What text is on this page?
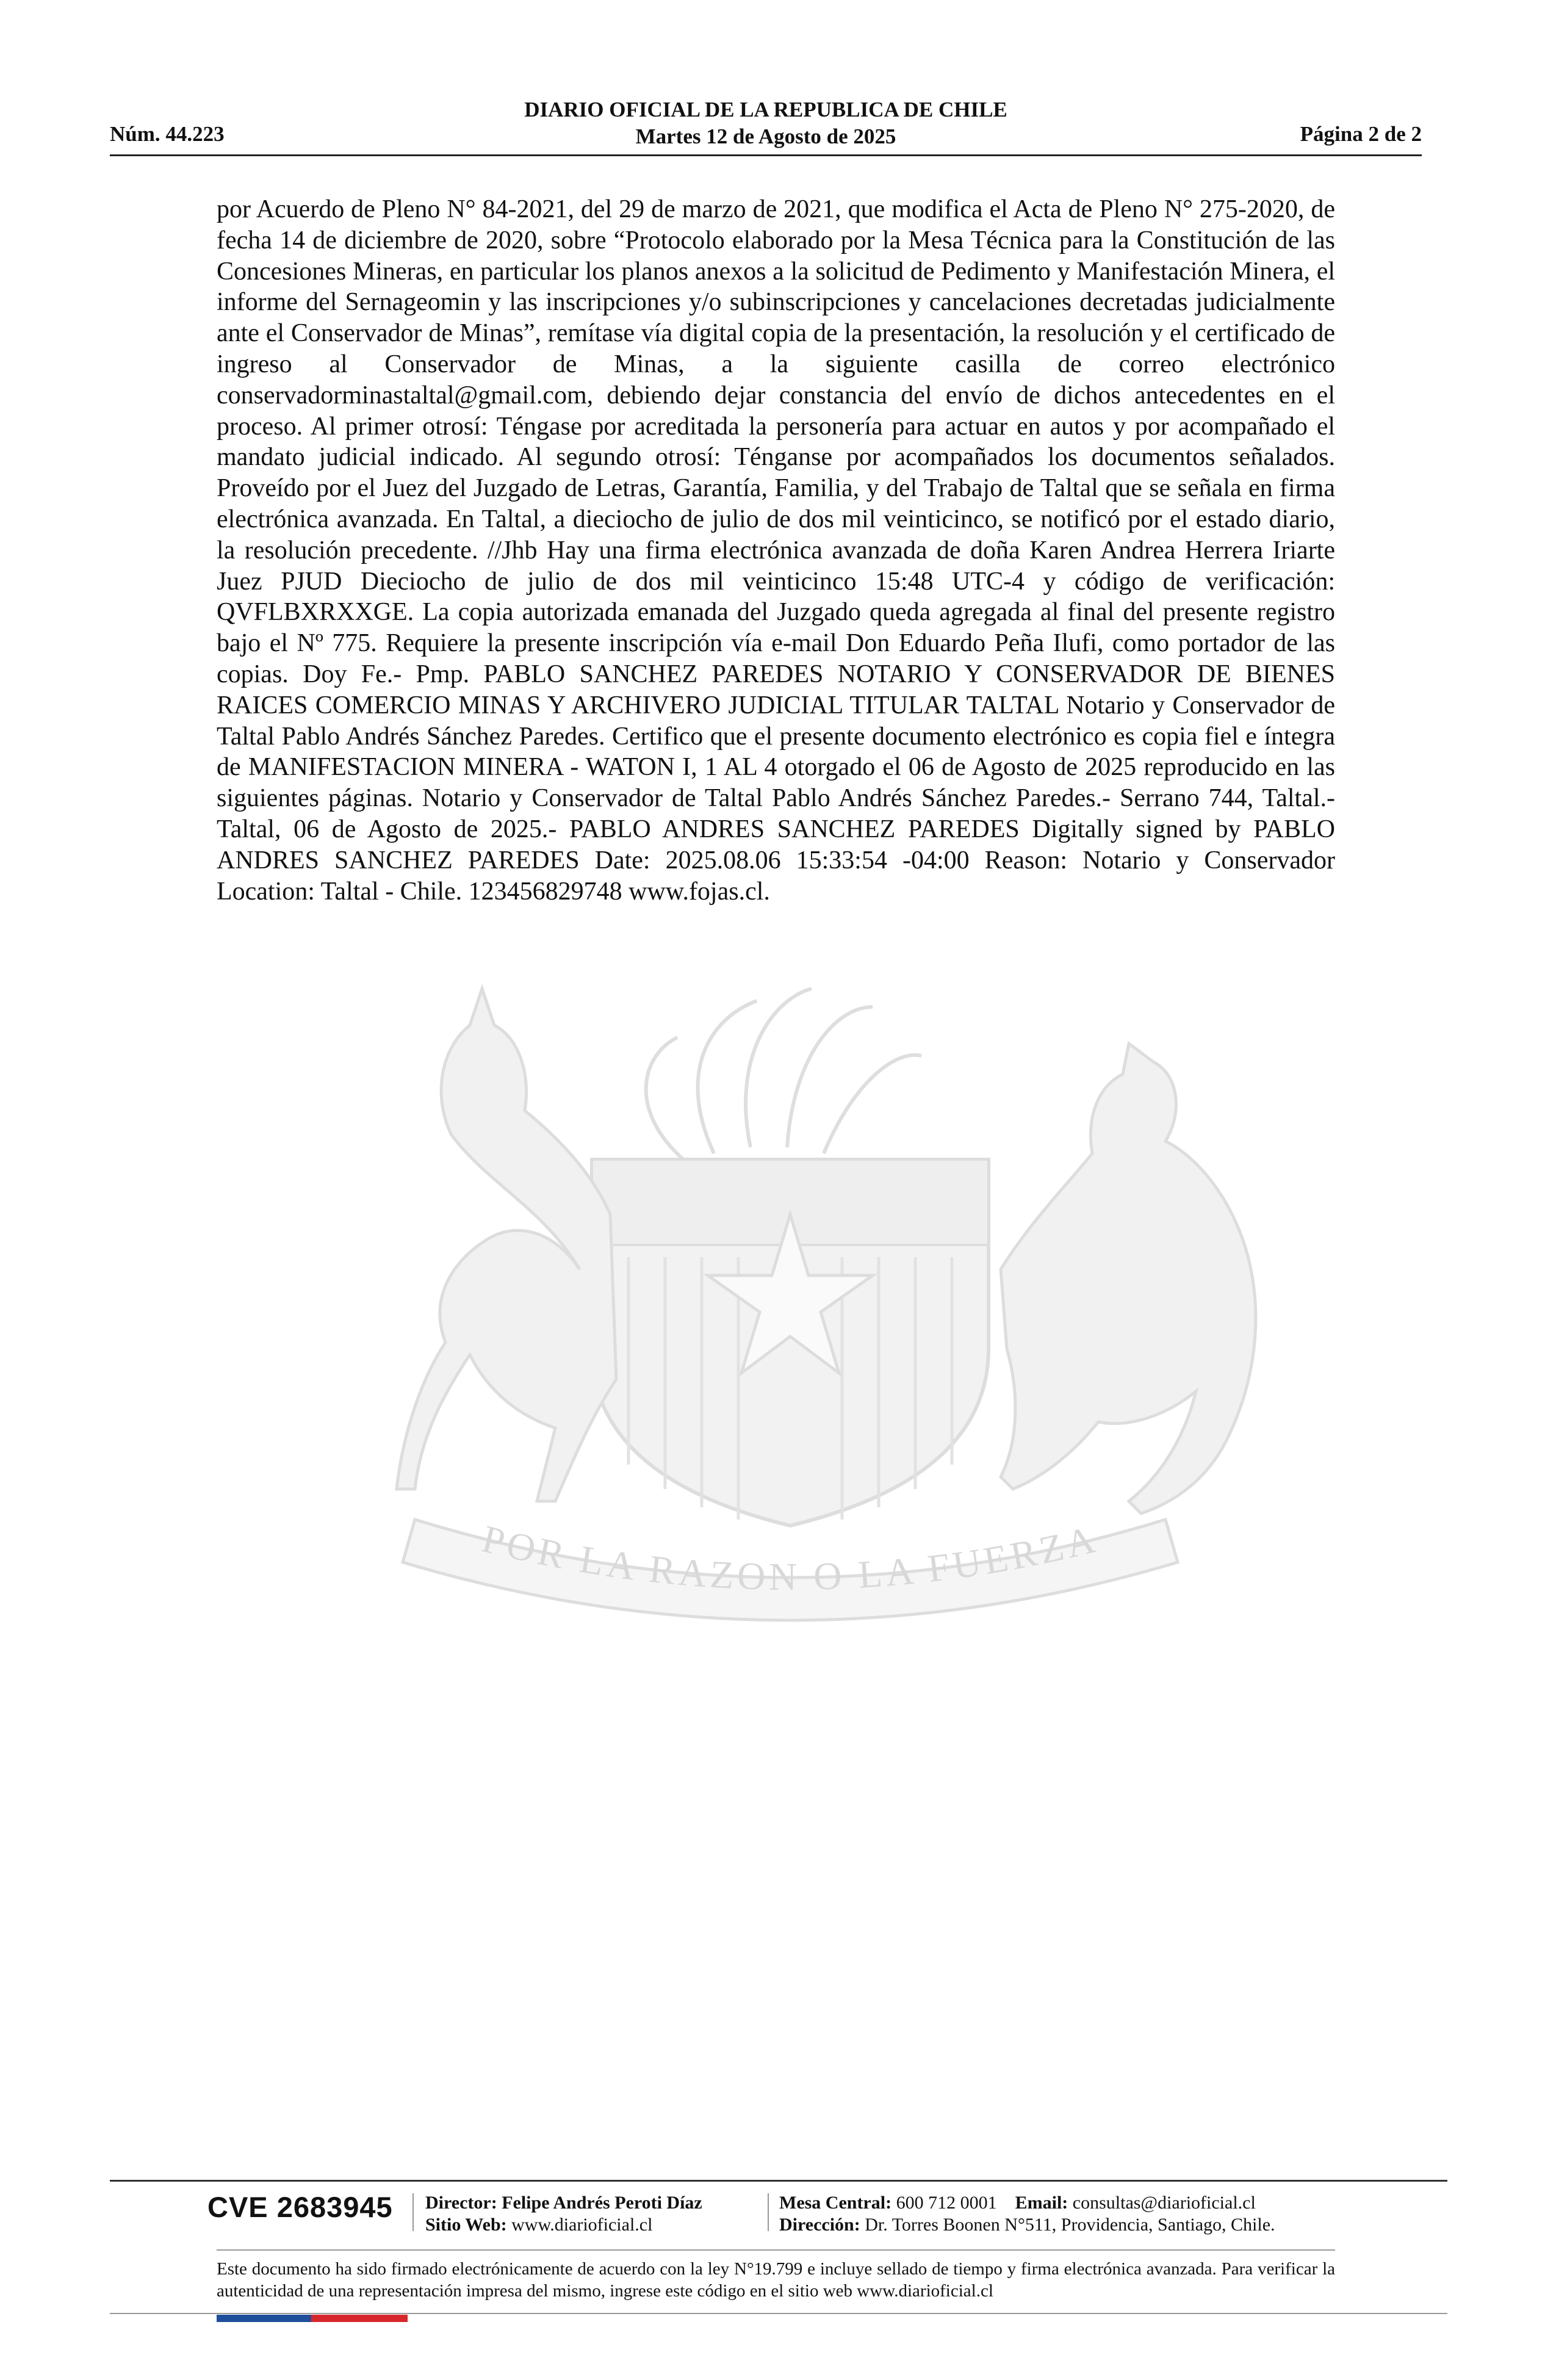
Núm. 44.223
DIARIO OFICIAL DE LA REPUBLICA DE CHILE
Martes 12 de Agosto de 2025	Página 2 de 2
POR LA RAZON O LA FUERZA
por Acuerdo de Pleno N° 84-2021, del 29 de marzo de 2021, que modifica el Acta de Pleno N° 275-2020, de fecha 14 de diciembre de 2020, sobre “Protocolo elaborado por la Mesa Técnica para la Constitución de las Concesiones Mineras, en particular los planos anexos a la solicitud de Pedimento y Manifestación Minera, el informe del Sernageomin y las inscripciones y/o subinscripciones y cancelaciones decretadas judicialmente ante el Conservador de Minas”, remítase vía digital copia de la presentación, la resolución y el certificado de ingreso al Conservador de Minas, a la siguiente casilla de correo electrónico conservadorminastaltal@gmail.com, debiendo dejar constancia del envío de dichos antecedentes en el proceso. Al primer otrosí: Téngase por acreditada la personería para actuar en autos y por acompañado el mandato judicial indicado. Al segundo otrosí: Ténganse por acompañados los documentos señalados. Proveído por el Juez del Juzgado de Letras, Garantía, Familia, y del Trabajo de Taltal que se señala en firma electrónica avanzada. En Taltal, a dieciocho de julio de dos mil veinticinco, se notificó por el estado diario, la resolución precedente. //Jhb Hay una firma electrónica avanzada de doña Karen Andrea Herrera Iriarte Juez PJUD Dieciocho de julio de dos mil veinticinco 15:48 UTC-4 y código de verificación: QVFLBXRXXGE. La copia autorizada emanada del Juzgado queda agregada al final del presente registro bajo el Nº 775. Requiere la presente inscripción vía e-mail Don Eduardo Peña Ilufi, como portador de las copias. Doy Fe.- Pmp. PABLO SANCHEZ PAREDES NOTARIO Y CONSERVADOR DE BIENES RAICES COMERCIO MINAS Y ARCHIVERO JUDICIAL TITULAR TALTAL Notario y Conservador de Taltal Pablo Andrés Sánchez Paredes. Certifico que el presente documento electrónico es copia fiel e íntegra de MANIFESTACION MINERA - WATON I, 1 AL 4 otorgado el 06 de Agosto de 2025 reproducido en las siguientes páginas. Notario y Conservador de Taltal Pablo Andrés Sánchez Paredes.- Serrano 744, Taltal.- Taltal, 06 de Agosto de 2025.- PABLO ANDRES SANCHEZ PAREDES Digitally signed by PABLO ANDRES SANCHEZ PAREDES Date: 2025.08.06 15:33:54 -04:00 Reason: Notario y Conservador Location: Taltal - Chile. 123456829748 www.fojas.cl.
CVE 2683945 Director: Felipe Andrés Peroti Díaz
Sitio Web: www.diarioficial.cl
Mesa Central: 600 712 0001 Email: consultas@diarioficial.cl
Dirección: Dr. Torres Boonen N°511, Providencia, Santiago, Chile.
Este documento ha sido firmado electrónicamente de acuerdo con la ley N°19.799 e incluye sellado de tiempo y firma electrónica avanzada. Para verificar la autenticidad de una representación impresa del mismo, ingrese este código en el sitio web www.diarioficial.cl
